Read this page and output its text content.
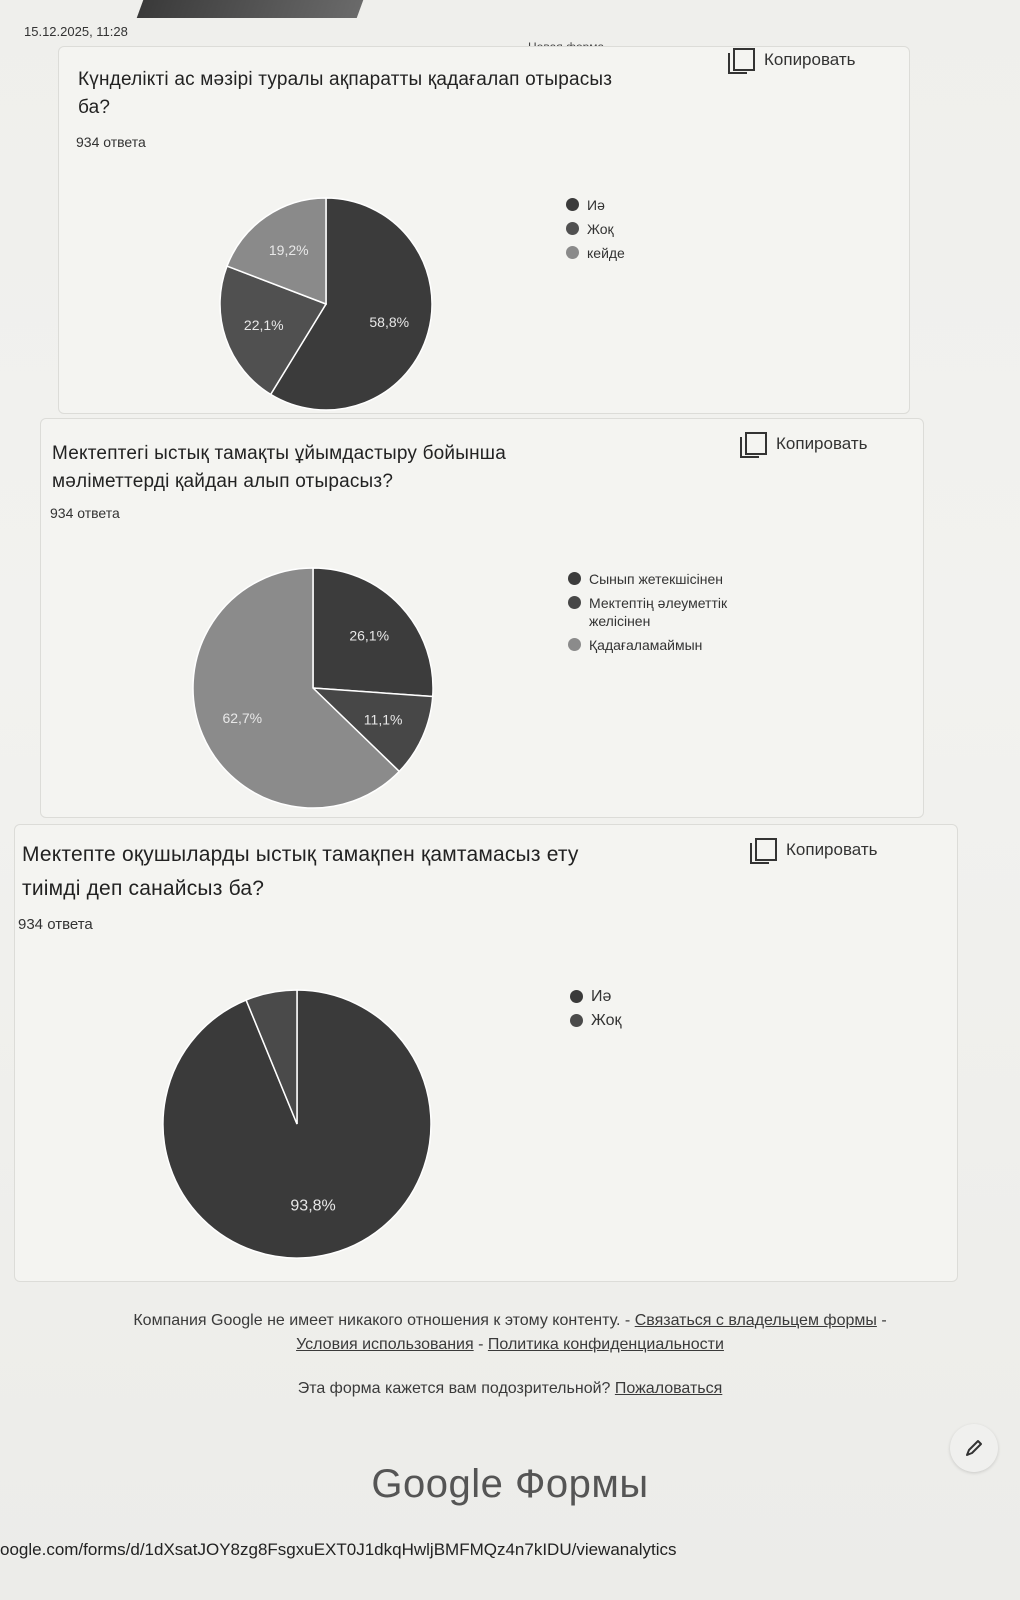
15.12.2025, 11:28
Күнделікті ас мәзірі туралы ақпаратты қадағалап отырасыз
ба?
934 ответа
Копировать
58,8%
22,1%
19,2%
Иә
Жоқ
кейде
Мектептегі ыстық тамақты ұйымдастыру бойынша
мәліметтерді қайдан алып отырасыз?
934 ответа
Копировать
26,1%
11,1%
62,7%
Сынып жетекшісінен
Мектептің әлеуметтік
желісінен
Қадағаламаймын
Мектепте оқушыларды ыстық тамақпен қамтамасыз ету
тиімді деп санайсыз ба?
934 ответа
Копировать
93,8%
Иә
Жоқ
Компания Google не имеет никакого отношения к этому контенту. - Связаться с владельцем формы -
Условия использования - Политика конфиденциальности
Эта форма кажется вам подозрительной? Пожаловаться
Google Формы
oogle.com/forms/d/1dXsatJOY8zg8FsgxuEXT0J1dkqHwljBMFMQz4n7kIDU/viewanalytics
